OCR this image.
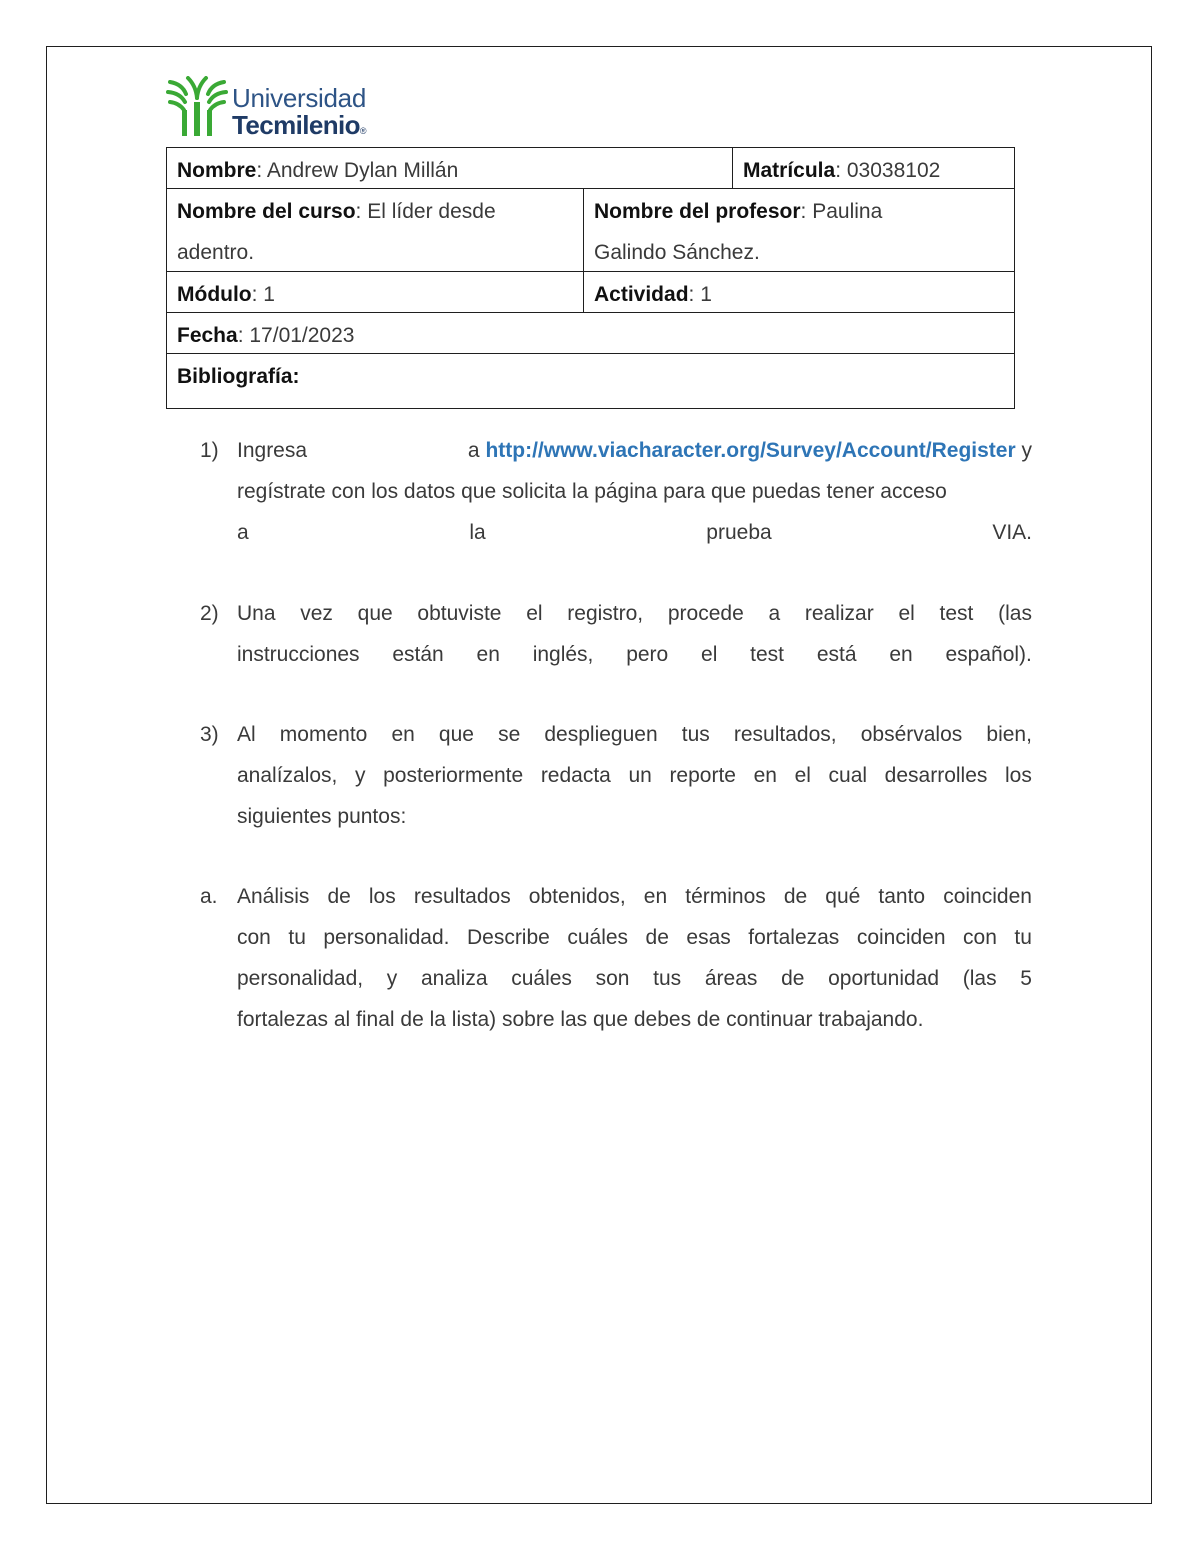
Universidad
Tecmilenio®
Nombre: Andrew Dylan Millán	Matrícula: 03038102
Nombre del curso: El líder desde
adentro.
Nombre del profesor: Paulina
Galindo Sánchez.
Módulo: 1	Actividad: 1
Fecha: 17/01/2023
Bibliografía:
1) Ingresa	a http://www.viacharacter.org/Survey/Account/Register y
regístrate con los datos que solicita la página para que puedas tener acceso
a	la	prueba	VIA.
2) Una vez que obtuviste el registro, procede a realizar el test (las
instrucciones están en inglés, pero el test está en español).
3) Al momento en que se desplieguen tus resultados, obsérvalos bien,
analízalos, y posteriormente redacta un reporte en el cual desarrolles los
siguientes puntos:
a. Análisis de los resultados obtenidos, en términos de qué tanto coinciden
con tu personalidad. Describe cuáles de esas fortalezas coinciden con tu
personalidad, y analiza cuáles son tus áreas de oportunidad (las 5
fortalezas al final de la lista) sobre las que debes de continuar trabajando.
